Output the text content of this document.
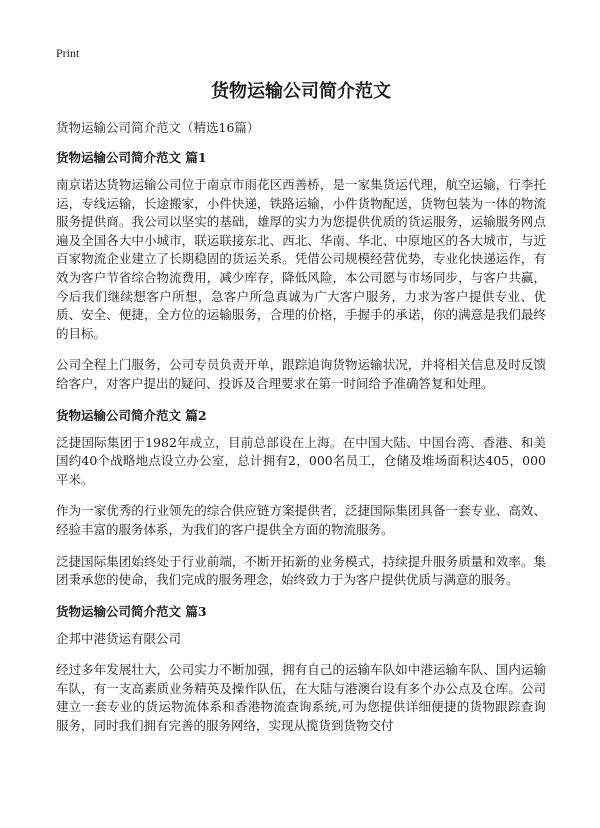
Print
货物运输公司简介范文

货物运输公司简介范文（精选16篇）

货物运输公司简介范文 篇1

南京诺达货物运输公司位于南京市雨花区西善桥，是一家集货运代理，航空运输，行李托运，专线运输，长途搬家，小件快递，铁路运输，小件货物配送，货物包装为一体的物流服务提供商。我公司以坚实的基础，雄厚的实力为您提供优质的货运服务，运输服务网点遍及全国各大中小城市，联运联接东北、西北、华南、华北、中原地区的各大城市，与近百家物流企业建立了长期稳固的货运关系。凭借公司规模经营优势，专业化快递运作，有效为客户节省综合物流费用，减少库存，降低风险，本公司愿与市场同步，与客户共赢，今后我们继续想客户所想，急客户所急真诚为广大客户服务，力求为客户提供专业、优质、安全、便捷，全方位的运输服务，合理的价格，手握手的承诺，你的满意是我们最终的目标。

公司全程上门服务，公司专员负责开单，跟踪追询货物运输状况，并将相关信息及时反馈给客户，对客户提出的疑问、投诉及合理要求在第一时间给予准确答复和处理。

货物运输公司简介范文 篇2

泛捷国际集团于1982年成立，目前总部设在上海。在中国大陆、中国台湾、香港、和美国约40个战略地点设立办公室，总计拥有2，000名员工，仓储及堆场面积达405，000平米。

作为一家优秀的行业领先的综合供应链方案提供者，泛捷国际集团具备一套专业、高效、经验丰富的服务体系，为我们的客户提供全方面的物流服务。

泛捷国际集团始终处于行业前端，不断开拓新的业务模式，持续提升服务质量和效率。集团秉承您的使命，我们完成的服务理念，始终致力于为客户提供优质与满意的服务。

货物运输公司简介范文 篇3

企邦中港货运有限公司

经过多年发展壮大，公司实力不断加强，拥有自己的运输车队如中港运输车队、国内运输车队，有一支高素质业务精英及操作队伍，在大陆与港澳台设有多个办公点及仓库。公司建立一套专业的货运物流体系和香港物流查询系统,可为您提供详细便捷的货物跟踪查询服务，同时我们拥有完善的服务网络，实现从揽货到货物交付
